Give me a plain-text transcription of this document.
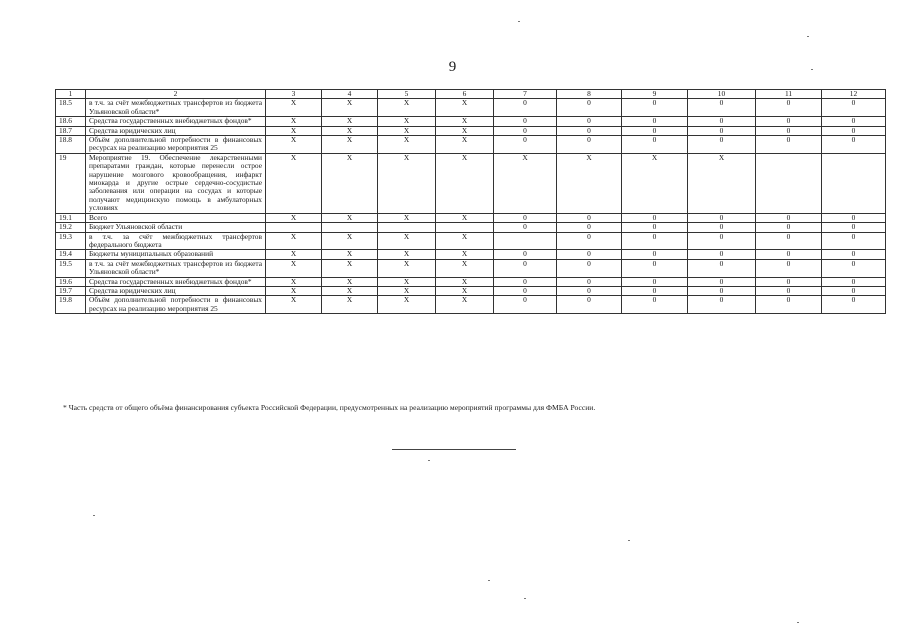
9
1	2	3	4	5	6	7	8	9	10	11	12
18.5	в т.ч. за счёт межбюджетных трансфертов из бюджета Ульяновской области*	X	X	X	X	0	0	0	0	0	0
18.6	Средства государственных внебюджетных фондов*	X	X	X	X	0	0	0	0	0	0
18.7	Средства юридических лиц	X	X	X	X	0	0	0	0	0	0
18.8	Объём дополнительной потребности в финансовых ресурсах на реализацию мероприятия 25	X	X	X	X	0	0	0	0	0	0
19	Мероприятие 19. Обеспечение лекарственными препаратами граждан, которые перенесли острое нарушение мозгового кровообращения, инфаркт миокарда и другие острые сердечно-сосудистые заболевания или операции на сосудах и которые получают медицинскую помощь в амбулаторных условиях	X	X	X	X	X	X	X	X		
19.1	Всего	X	X	X	X	0	0	0	0	0	0
19.2	Бюджет Ульяновской области					0	0	0	0	0	0
19.3	в т.ч. за счёт межбюджетных трансфертов федерального бюджета	X	X	X	X		0	0	0	0	0
19.4	Бюджеты муниципальных образований	X	X	X	X	0	0	0	0	0	0
19.5	в т.ч. за счёт межбюджетных трансфертов из бюджета Ульяновской области*	X	X	X	X	0	0	0	0	0	0
19.6	Средства государственных внебюджетных фондов*	X	X	X	X	0	0	0	0	0	0
19.7	Средства юридических лиц	X	X	X	X	0	0	0	0	0	0
19.8	Объём дополнительной потребности в финансовых ресурсах на реализацию мероприятия 25	X	X	X	X	0	0	0	0	0	0
* Часть средств от общего объёма финансирования субъекта Российской Федерации, предусмотренных на реализацию мероприятий программы для ФМБА России.
